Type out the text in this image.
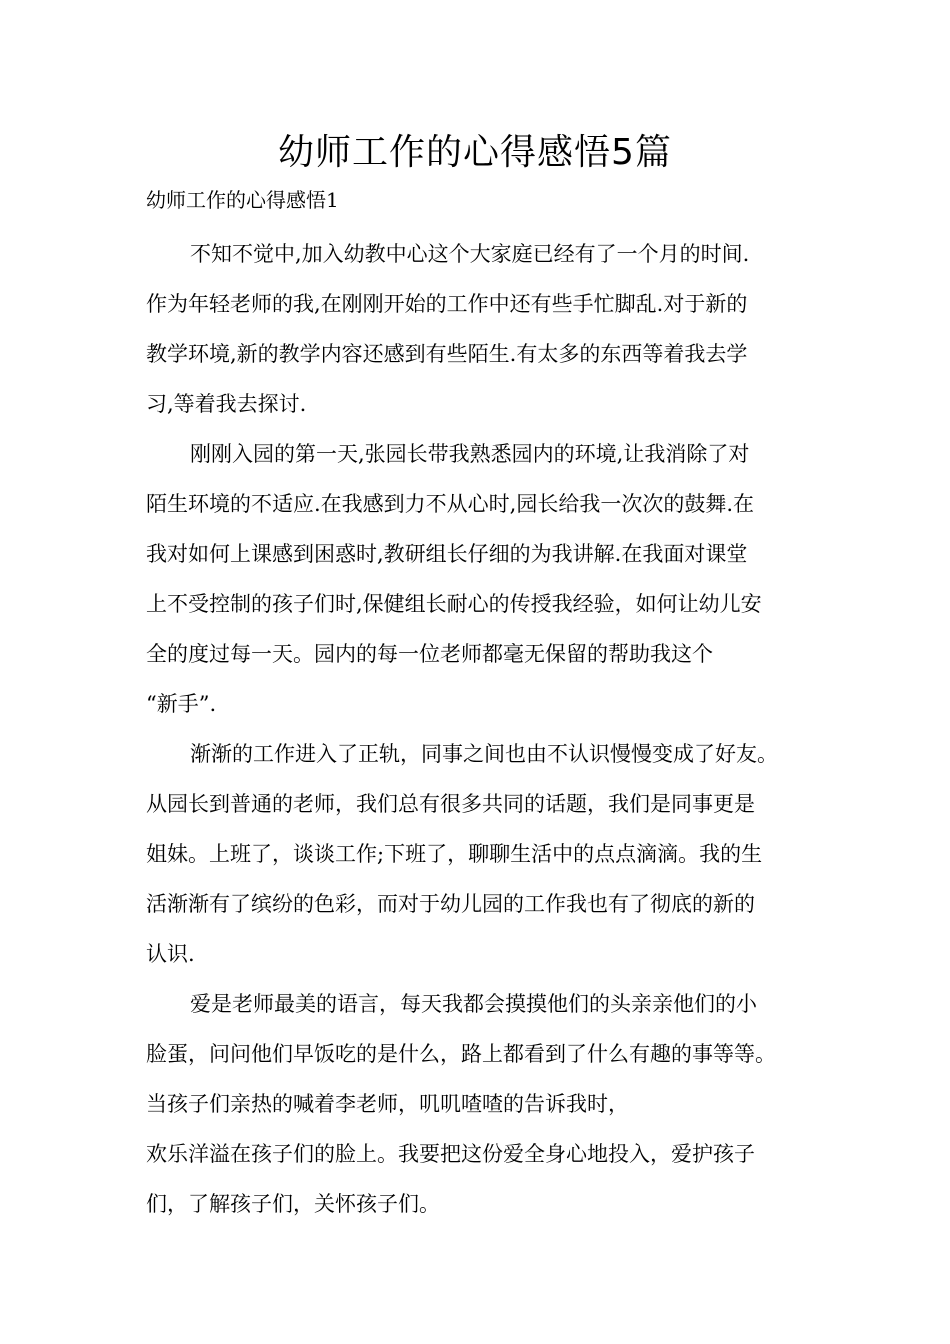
幼师工作的心得感悟5篇
幼师工作的心得感悟1
不知不觉中,加入幼教中心这个大家庭已经有了一个月的时间.
作为年轻老师的我,在刚刚开始的工作中还有些手忙脚乱.对于新的
教学环境,新的教学内容还感到有些陌生.有太多的东西等着我去学
习,等着我去探讨.
刚刚入园的第一天,张园长带我熟悉园内的环境,让我消除了对
陌生环境的不适应.在我感到力不从心时,园长给我一次次的鼓舞.在
我对如何上课感到困惑时,教研组长仔细的为我讲解.在我面对课堂
上不受控制的孩子们时,保健组长耐心的传授我经验，如何让幼儿安
全的度过每一天。园内的每一位老师都毫无保留的帮助我这个
“新手”.
渐渐的工作进入了正轨，同事之间也由不认识慢慢变成了好友。
从园长到普通的老师，我们总有很多共同的话题，我们是同事更是
姐妹。上班了，谈谈工作;下班了，聊聊生活中的点点滴滴。我的生
活渐渐有了缤纷的色彩，而对于幼儿园的工作我也有了彻底的新的
认识.
爱是老师最美的语言，每天我都会摸摸他们的头亲亲他们的小
脸蛋，问问他们早饭吃的是什么，路上都看到了什么有趣的事等等。
当孩子们亲热的喊着李老师，叽叽喳喳的告诉我时，
欢乐洋溢在孩子们的脸上。我要把这份爱全身心地投入，爱护孩子
们，了解孩子们，关怀孩子们。
